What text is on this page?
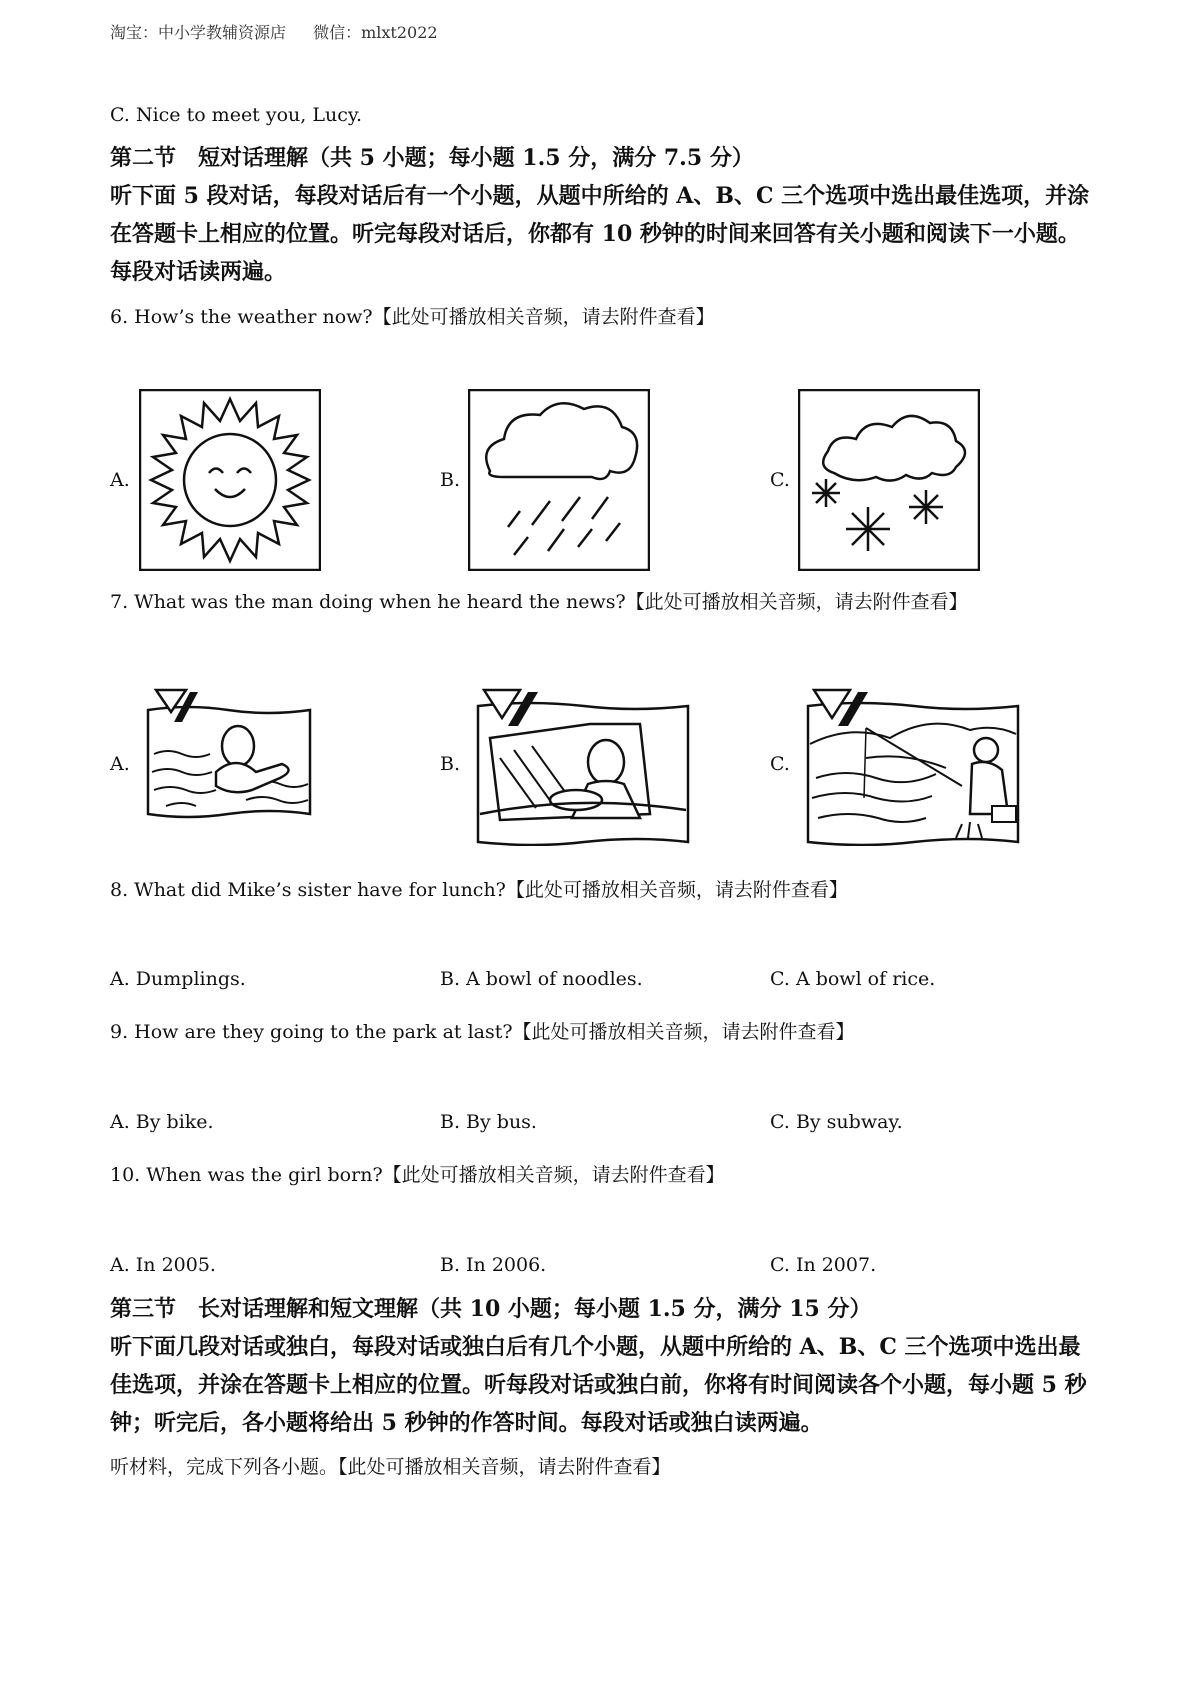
淘宝：中小学教辅资源店 微信：mlxt2022
C. Nice to meet you, Lucy.
第二节　短对话理解（共 5 小题；每小题 1.5 分，满分 7.5 分）
听下面 5 段对话，每段对话后有一个小题，从题中所给的 A、B、C 三个选项中选出最佳选项，并涂在答题卡上相应的位置。听完每段对话后，你都有 10 秒钟的时间来回答有关小题和阅读下一小题。每段对话读两遍。
6. How’s the weather now?【此处可播放相关音频，请去附件查看】
A.	B.	C.
7. What was the man doing when he heard the news?【此处可播放相关音频，请去附件查看】
A.	B.	C.
8. What did Mike’s sister have for lunch?【此处可播放相关音频，请去附件查看】
A. Dumplings.	B. A bowl of noodles.	C. A bowl of rice.
9. How are they going to the park at last?【此处可播放相关音频，请去附件查看】
A. By bike.	B. By bus.	C. By subway.
10. When was the girl born?【此处可播放相关音频，请去附件查看】
A. In 2005.	B. In 2006.	C. In 2007.
第三节　长对话理解和短文理解（共 10 小题；每小题 1.5 分，满分 15 分）
听下面几段对话或独白，每段对话或独白后有几个小题，从题中所给的 A、B、C 三个选项中选出最佳选项，并涂在答题卡上相应的位置。听每段对话或独白前，你将有时间阅读各个小题，每小题 5 秒钟；听完后，各小题将给出 5 秒钟的作答时间。每段对话或独白读两遍。
听材料，完成下列各小题。【此处可播放相关音频，请去附件查看】
